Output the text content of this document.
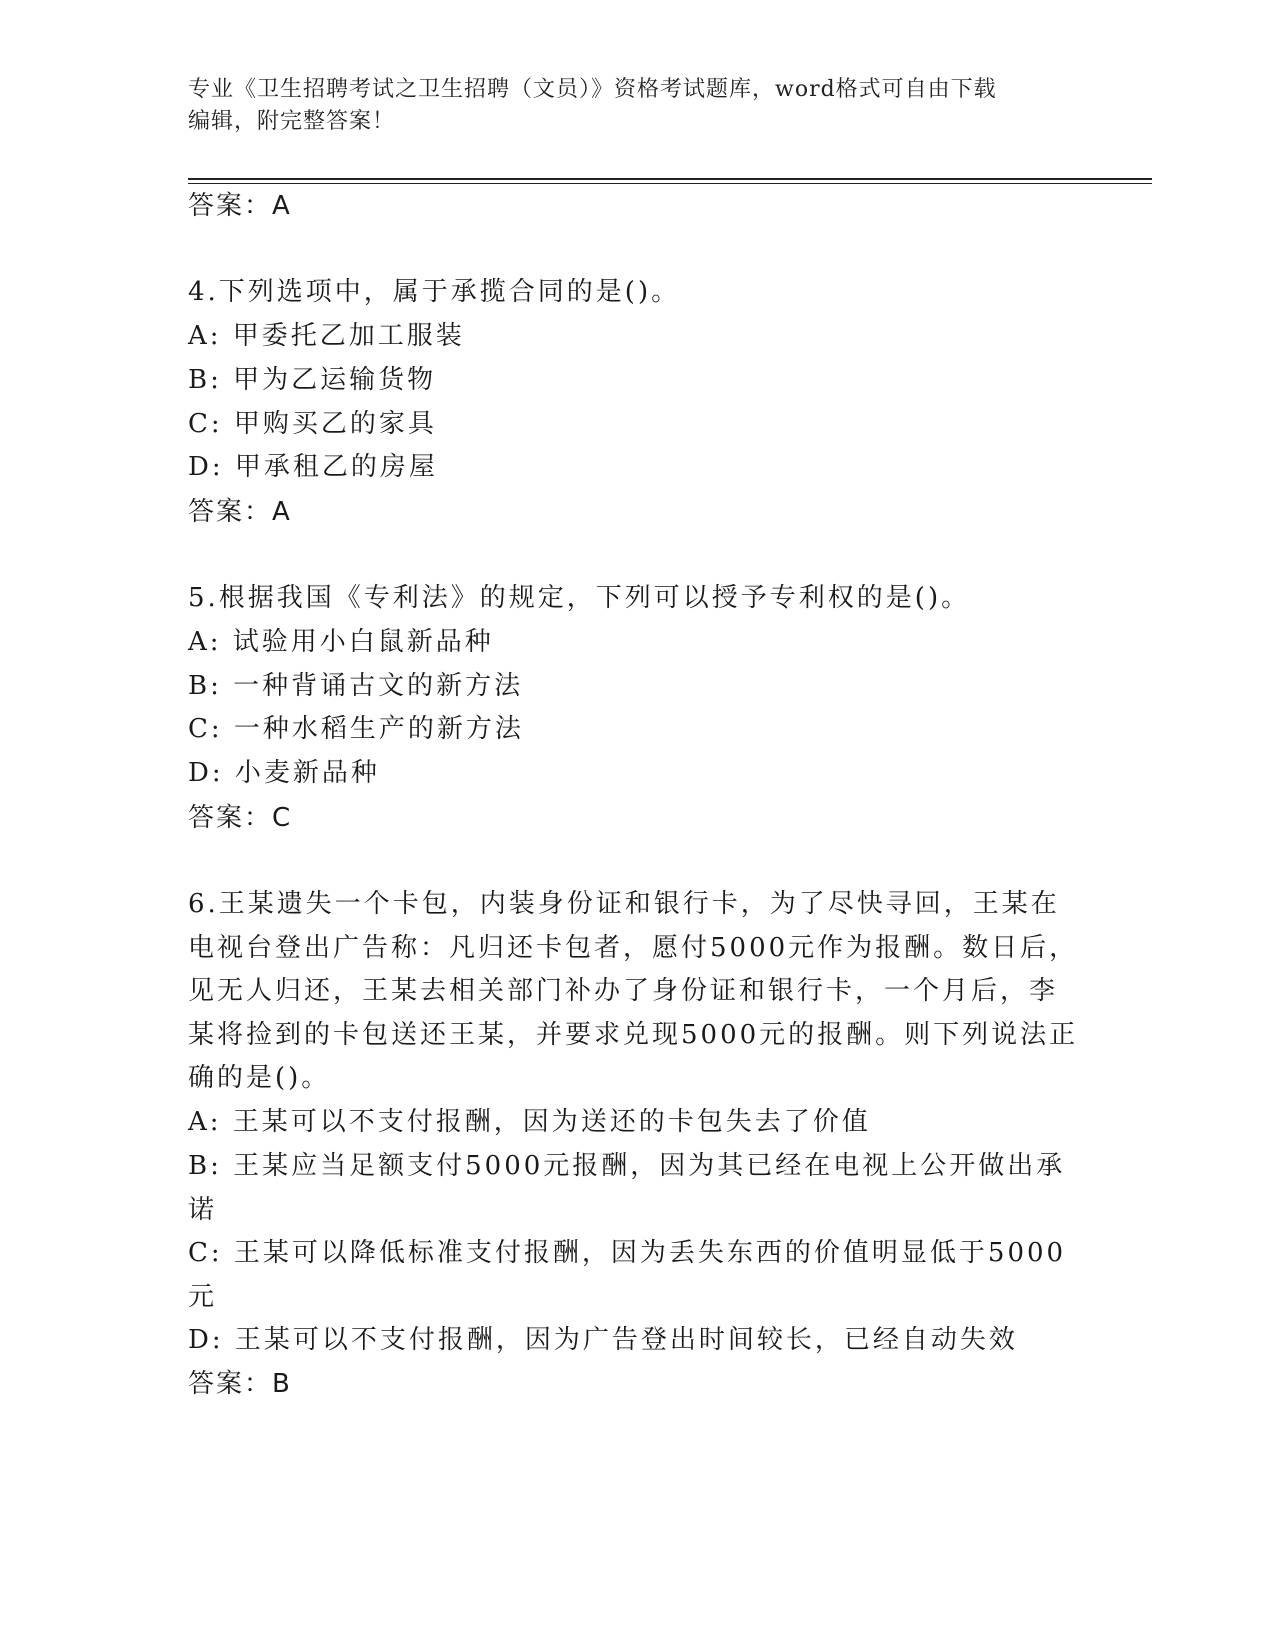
专业《卫生招聘考试之卫生招聘（文员）》资格考试题库，word格式可自由下载
编辑，附完整答案！
答案：A
4.下列选项中，属于承揽合同的是()。
A: 甲委托乙加工服装
B: 甲为乙运输货物
C: 甲购买乙的家具
D: 甲承租乙的房屋
答案：A
5.根据我国《专利法》的规定，下列可以授予专利权的是()。
A: 试验用小白鼠新品种
B: 一种背诵古文的新方法
C: 一种水稻生产的新方法
D: 小麦新品种
答案：C
6.王某遗失一个卡包，内装身份证和银行卡，为了尽快寻回，王某在
电视台登出广告称：凡归还卡包者，愿付5000元作为报酬。数日后，
见无人归还，王某去相关部门补办了身份证和银行卡，一个月后，李
某将捡到的卡包送还王某，并要求兑现5000元的报酬。则下列说法正
确的是()。
A: 王某可以不支付报酬，因为送还的卡包失去了价值
B: 王某应当足额支付5000元报酬，因为其已经在电视上公开做出承
诺
C: 王某可以降低标准支付报酬，因为丢失东西的价值明显低于5000
元
D: 王某可以不支付报酬，因为广告登出时间较长，已经自动失效
答案：B
